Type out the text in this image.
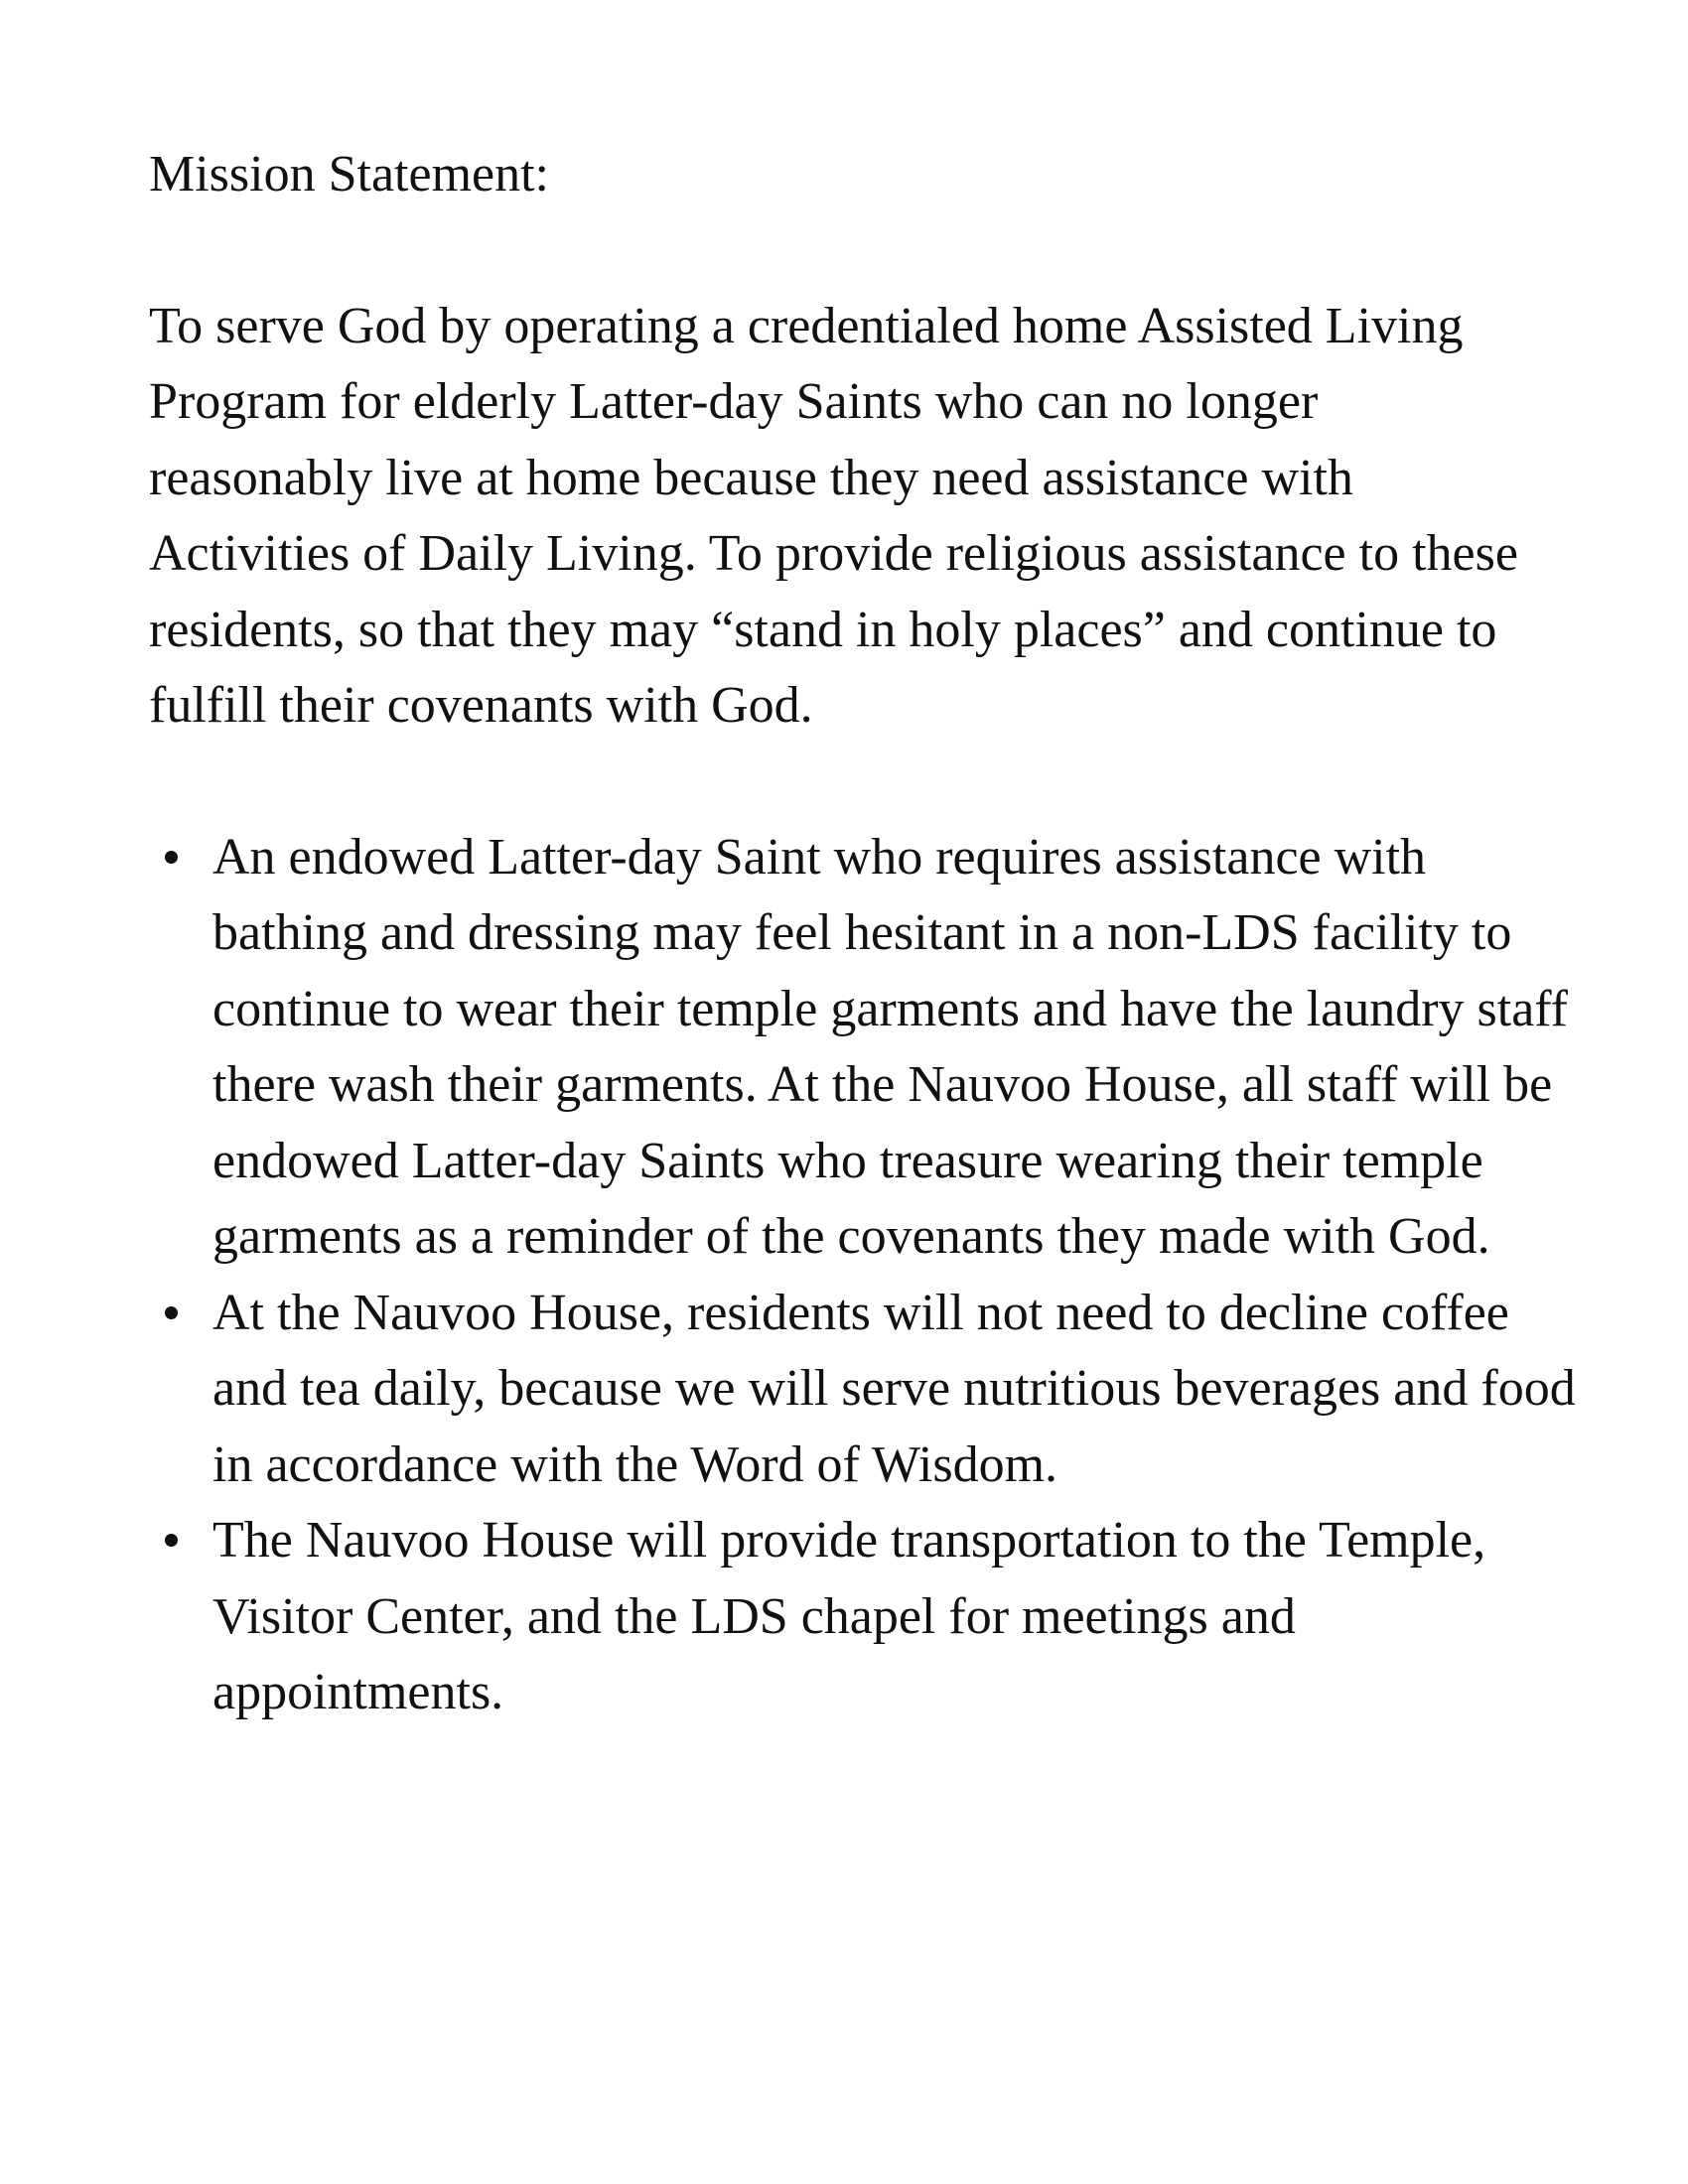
Mission Statement:

To serve God by operating a credentialed home Assisted Living Program for elderly Latter-day Saints who can no longer reasonably live at home because they need assistance with Activities of Daily Living. To provide religious assistance to these residents, so that they may “stand in holy places” and continue to fulfill their covenants with God.

An endowed Latter-day Saint who requires assistance with bathing and dressing may feel hesitant in a non-LDS facility to continue to wear their temple garments and have the laundry staff there wash their garments. At the Nauvoo House, all staff will be endowed Latter-day Saints who treasure wearing their temple garments as a reminder of the covenants they made with God.
At the Nauvoo House, residents will not need to decline coffee and tea daily, because we will serve nutritious beverages and food in accordance with the Word of Wisdom.
The Nauvoo House will provide transportation to the Temple, Visitor Center, and the LDS chapel for meetings and appointments.
